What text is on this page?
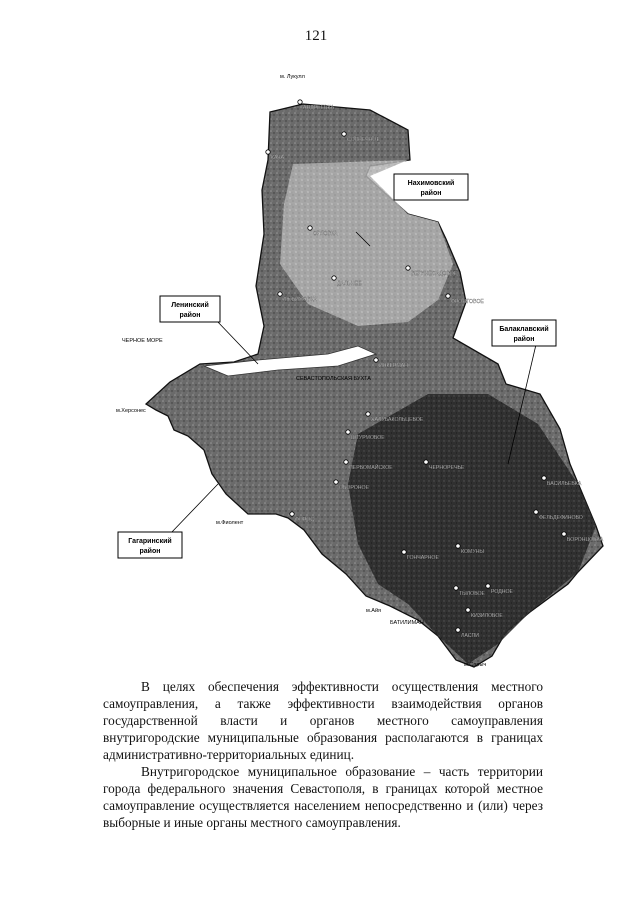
121
Нахимовский
район
Ленинский
район
Балаклавский
район
Гагаринский
район
ЧЕРНОЕ МОРЕ
СЕВАСТОПОЛЬСКАЯ БУХТА
БАТИЛИМАН
м. Лукулл
м.Херсонес
м.Фиолент
м.Айя
м.Сарыч
АНДРЕЕВКА
СОЛНЕЧНОЕ
КАЧА
ОРЛОВКА
ВЕРХНЕСАДОВОЕ
ДАЛЬНЕЕ
ЛЮБИМОВКА	ФРОНТОВОЕ
ИНКЕРМАН
ШТУРМОВОЕ
ХАЛУБАКОЛЬЦЕВОЕ
ПЕРВОМАЙСКОЕ	ЧЕРНОРЕЧЬЕ
ГОНЧАРНОЕ
КОМУНЫ
ВОРОНЦОВКА
ТЫЛОВОЕ РОДНОЕ
ОБОРОНОЕ
КИЗИЛОВОЕ
ФОРОС	ФЕЛЬДЕФИНОВО
ВАСИЛЬЕВКА
ЛАСПИ

В целях обеспечения эффективности осуществления местного самоуправления, а также эффективности взаимодействия органов государственной власти и органов местного самоуправления внутригородские муниципальные образования располагаются в границах административно-территориальных единиц.

Внутригородское муниципальное образование – часть территории города федерального значения Севастополя, в границах которой местное самоуправление осуществляется населением непосредственно и (или) через выборные и иные органы местного самоуправления.
